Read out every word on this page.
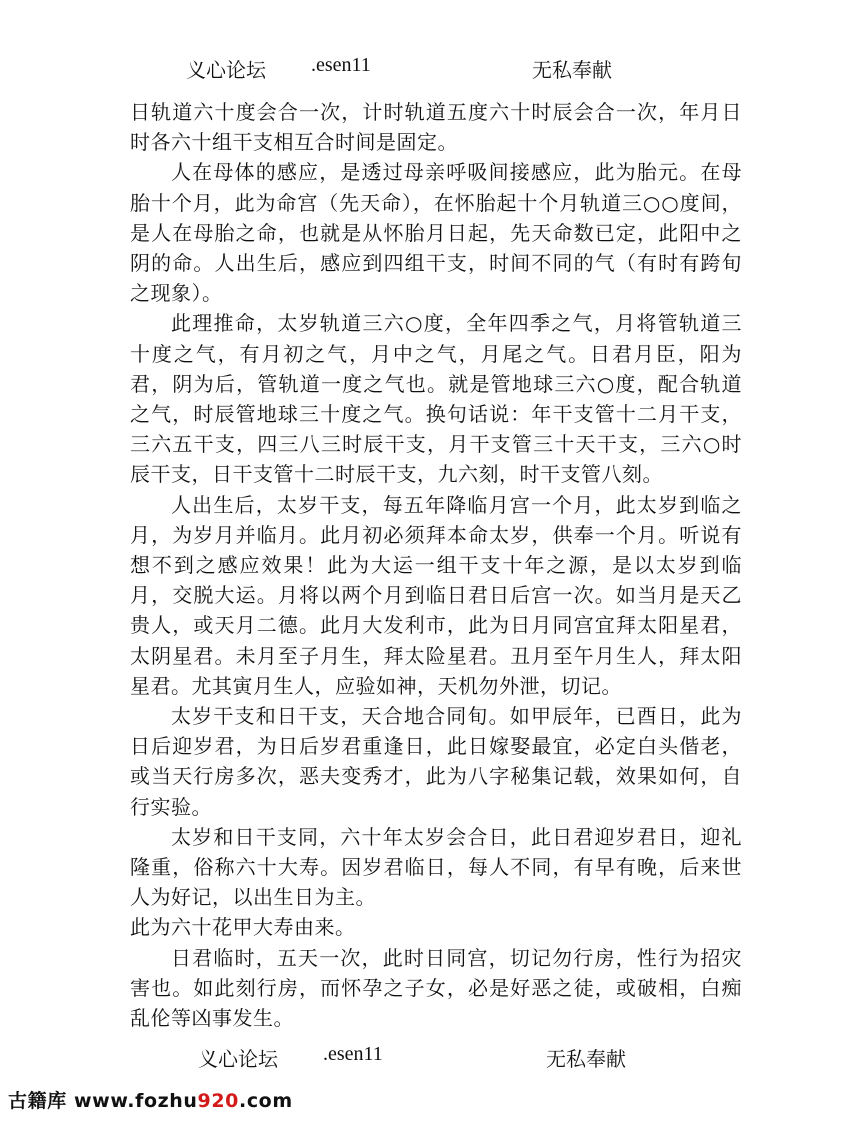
义心论坛 .esen11	无私奉献

日轨道六十度会合一次，计时轨道五度六十时辰会合一次，年月日时各六十组干支相互合时间是固定。

人在母体的感应，是透过母亲呼吸间接感应，此为胎元。在母胎十个月，此为命宫（先天命），在怀胎起十个月轨道三○○度间，是人在母胎之命，也就是从怀胎月日起，先天命数已定，此阳中之阴的命。人出生后，感应到四组干支，时间不同的气（有时有跨旬之现象）。

此理推命，太岁轨道三六○度，全年四季之气，月将管轨道三十度之气，有月初之气，月中之气，月尾之气。日君月臣，阳为君，阴为后，管轨道一度之气也。就是管地球三六○度，配合轨道之气，时辰管地球三十度之气。换句话说：年干支管十二月干支，三六五干支，四三八三时辰干支，月干支管三十天干支，三六○时辰干支，日干支管十二时辰干支，九六刻，时干支管八刻。

人出生后，太岁干支，每五年降临月宫一个月，此太岁到临之月，为岁月并临月。此月初必须拜本命太岁，供奉一个月。听说有想不到之感应效果！此为大运一组干支十年之源，是以太岁到临月，交脱大运。月将以两个月到临日君日后宫一次。如当月是天乙贵人，或天月二德。此月大发利市，此为日月同宫宜拜太阳星君，太阴星君。未月至子月生，拜太险星君。丑月至午月生人，拜太阳星君。尤其寅月生人，应验如神，天机勿外泄，切记。

太岁干支和日干支，天合地合同旬。如甲辰年，已酉日，此为日后迎岁君，为日后岁君重逢日，此日嫁娶最宜，必定白头偕老，或当天行房多次，恶夫变秀才，此为八字秘集记载，效果如何，自行实验。

太岁和日干支同，六十年太岁会合日，此日君迎岁君日，迎礼隆重，俗称六十大寿。因岁君临日，每人不同，有早有晚，后来世人为好记，以出生日为主。

此为六十花甲大寿由来。

日君临时，五天一次，此时日同宫，切记勿行房，性行为招灾害也。如此刻行房，而怀孕之子女，必是好恶之徒，或破相，白痴乱伦等凶事发生。

义心论坛 .esen11	无私奉献
古籍库 www.fozhu920.com
